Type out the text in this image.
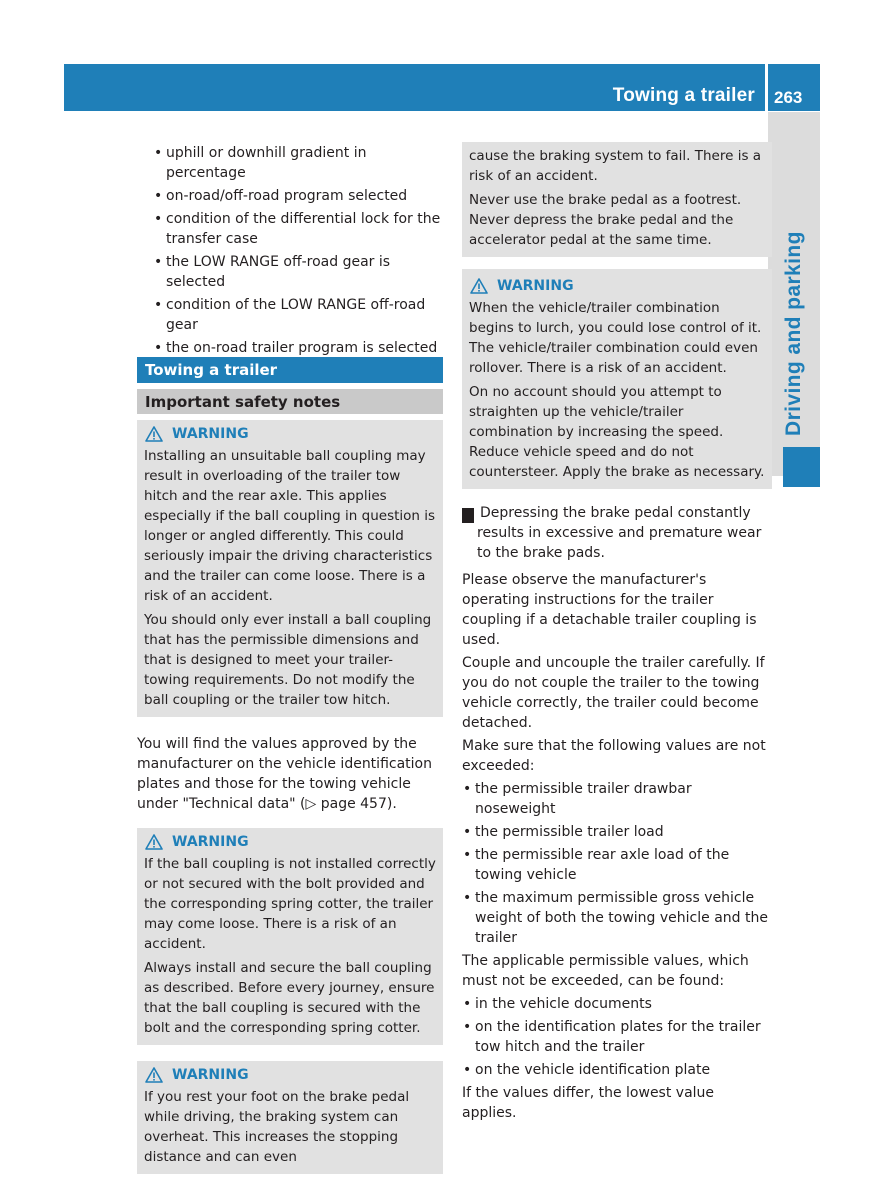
Towing a trailer 263
Driving and parking
• uphill or downhill gradient in percentage
• on-road/off-road program selected
• condition of the differential lock for the transfer case
• the LOW RANGE off-road gear is selected
• condition of the LOW RANGE off-road gear
• the on-road trailer program is selected
Towing a trailer
Important safety notes
WARNING
Installing an unsuitable ball coupling may result in overloading of the trailer tow hitch and the rear axle. This applies especially if the ball coupling in question is longer or angled differently. This could seriously impair the driving characteristics and the trailer can come loose. There is a risk of an accident.
You should only ever install a ball coupling that has the permissible dimensions and that is designed to meet your trailer-towing requirements. Do not modify the ball coupling or the trailer tow hitch.
You will find the values approved by the manufacturer on the vehicle identification plates and those for the towing vehicle under "Technical data" (▷ page 457).
WARNING
If the ball coupling is not installed correctly or not secured with the bolt provided and the corresponding spring cotter, the trailer may come loose. There is a risk of an accident.
Always install and secure the ball coupling as described. Before every journey, ensure that the ball coupling is secured with the bolt and the corresponding spring cotter.
WARNING
If you rest your foot on the brake pedal while driving, the braking system can overheat. This increases the stopping distance and can even
cause the braking system to fail. There is a risk of an accident.
Never use the brake pedal as a footrest. Never depress the brake pedal and the accelerator pedal at the same time.
WARNING
When the vehicle/trailer combination begins to lurch, you could lose control of it. The vehicle/trailer combination could even rollover. There is a risk of an accident.
On no account should you attempt to straighten up the vehicle/trailer combination by increasing the speed. Reduce vehicle speed and do not countersteer. Apply the brake as necessary.
! Depressing the brake pedal constantly results in excessive and premature wear to the brake pads.
Please observe the manufacturer's operating instructions for the trailer coupling if a detachable trailer coupling is used.
Couple and uncouple the trailer carefully. If you do not couple the trailer to the towing vehicle correctly, the trailer could become detached.
Make sure that the following values are not exceeded:
• the permissible trailer drawbar noseweight
• the permissible trailer load
• the permissible rear axle load of the towing vehicle
• the maximum permissible gross vehicle weight of both the towing vehicle and the trailer
The applicable permissible values, which must not be exceeded, can be found:
• in the vehicle documents
• on the identification plates for the trailer tow hitch and the trailer
• on the vehicle identification plate
If the values differ, the lowest value applies.
